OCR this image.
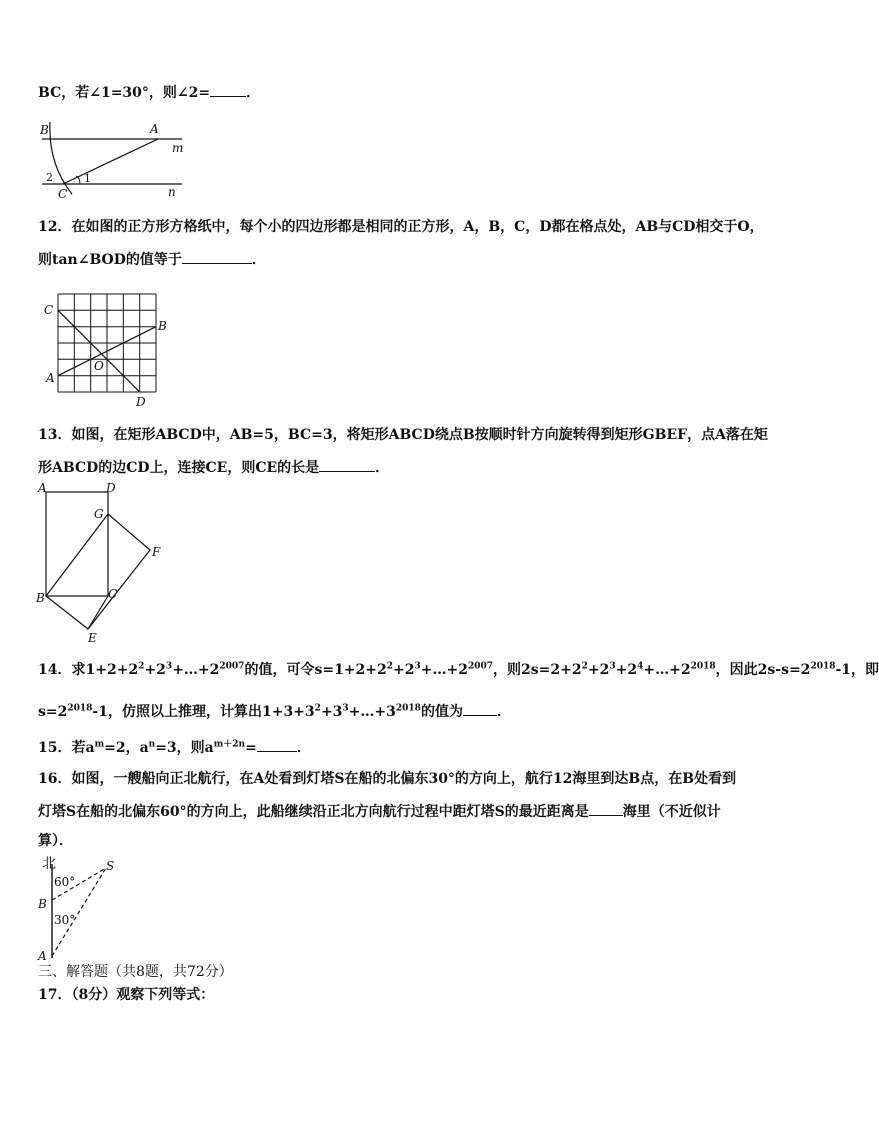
BC，若∠1=30°，则∠2=	．
B	A
m
n
C
1
2
12．在如图的正方形方格纸中，每个小的四边形都是相同的正方形，A，B，C，D都在格点处，AB与CD相交于O，
则tan∠BOD的值等于	．
C
B
A
O
D
13．如图，在矩形ABCD中，AB=5，BC=3，将矩形ABCD绕点B按顺时针方向旋转得到矩形GBEF，点A落在矩
形ABCD的边CD上，连接CE，则CE的长是	．
A	D
G
F
B	C
E
14．求$1+2+2^2+2^3+\dots+2^{2007}$的值，可令$s=1+2+2^2+2^3+\dots+2^{2007}$，则$2s=2+2^2+2^3+2^4+\dots+2^{2018}$，因此$2s-s=2^{2018}-1$，即
$s=2^{2018}-1$，仿照以上推理，计算出$1+3+3^2+3^3+\dots+3^{2018}$的值为 ．
15．若$a^m=2$，$a^n=3$，则$a^{m+2n}=$	．
16．如图，一艘船向正北航行，在A处看到灯塔S在船的北偏东30°的方向上，航行12海里到达B点，在B处看到
灯塔S在船的北偏东60°的方向上，此船继续沿正北方向航行过程中距灯塔S的最近距离是 海里（不近似计
算）．
北	S
60°
B
30°
A
三、解答题（共8题，共72分）
17．（8分）观察下列等式：
